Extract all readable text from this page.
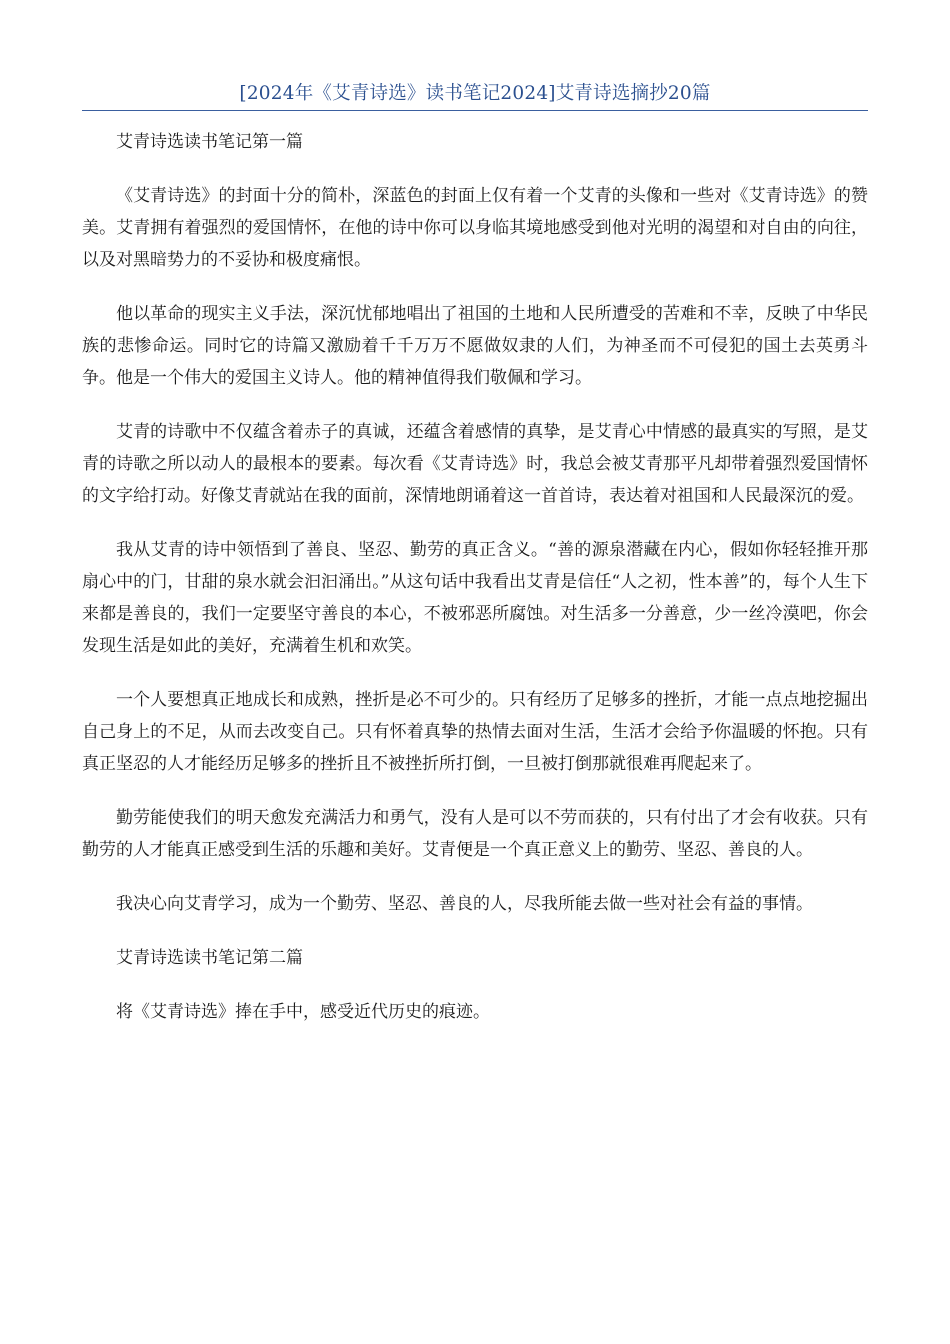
[2024年《艾青诗选》读书笔记2024]艾青诗选摘抄20篇
艾青诗选读书笔记第一篇

《艾青诗选》的封面十分的简朴，深蓝色的封面上仅有着一个艾青的头像和一些对《艾青诗选》的赞美。艾青拥有着强烈的爱国情怀，在他的诗中你可以身临其境地感受到他对光明的渴望和对自由的向往，以及对黑暗势力的不妥协和极度痛恨。

他以革命的现实主义手法，深沉忧郁地唱出了祖国的土地和人民所遭受的苦难和不幸，反映了中华民族的悲惨命运。同时它的诗篇又激励着千千万万不愿做奴隶的人们，为神圣而不可侵犯的国土去英勇斗争。他是一个伟大的爱国主义诗人。他的精神值得我们敬佩和学习。

艾青的诗歌中不仅蕴含着赤子的真诚，还蕴含着感情的真挚，是艾青心中情感的最真实的写照，是艾青的诗歌之所以动人的最根本的要素。每次看《艾青诗选》时，我总会被艾青那平凡却带着强烈爱国情怀的文字给打动。好像艾青就站在我的面前，深情地朗诵着这一首首诗，表达着对祖国和人民最深沉的爱。

我从艾青的诗中领悟到了善良、坚忍、勤劳的真正含义。“善的源泉潜藏在内心，假如你轻轻推开那扇心中的门，甘甜的泉水就会汩汩涌出。”从这句话中我看出艾青是信任“人之初，性本善”的，每个人生下来都是善良的，我们一定要坚守善良的本心，不被邪恶所腐蚀。对生活多一分善意，少一丝冷漠吧，你会发现生活是如此的美好，充满着生机和欢笑。

一个人要想真正地成长和成熟，挫折是必不可少的。只有经历了足够多的挫折，才能一点点地挖掘出自己身上的不足，从而去改变自己。只有怀着真挚的热情去面对生活，生活才会给予你温暖的怀抱。只有真正坚忍的人才能经历足够多的挫折且不被挫折所打倒，一旦被打倒那就很难再爬起来了。

勤劳能使我们的明天愈发充满活力和勇气，没有人是可以不劳而获的，只有付出了才会有收获。只有勤劳的人才能真正感受到生活的乐趣和美好。艾青便是一个真正意义上的勤劳、坚忍、善良的人。

我决心向艾青学习，成为一个勤劳、坚忍、善良的人，尽我所能去做一些对社会有益的事情。

艾青诗选读书笔记第二篇

将《艾青诗选》捧在手中，感受近代历史的痕迹。
